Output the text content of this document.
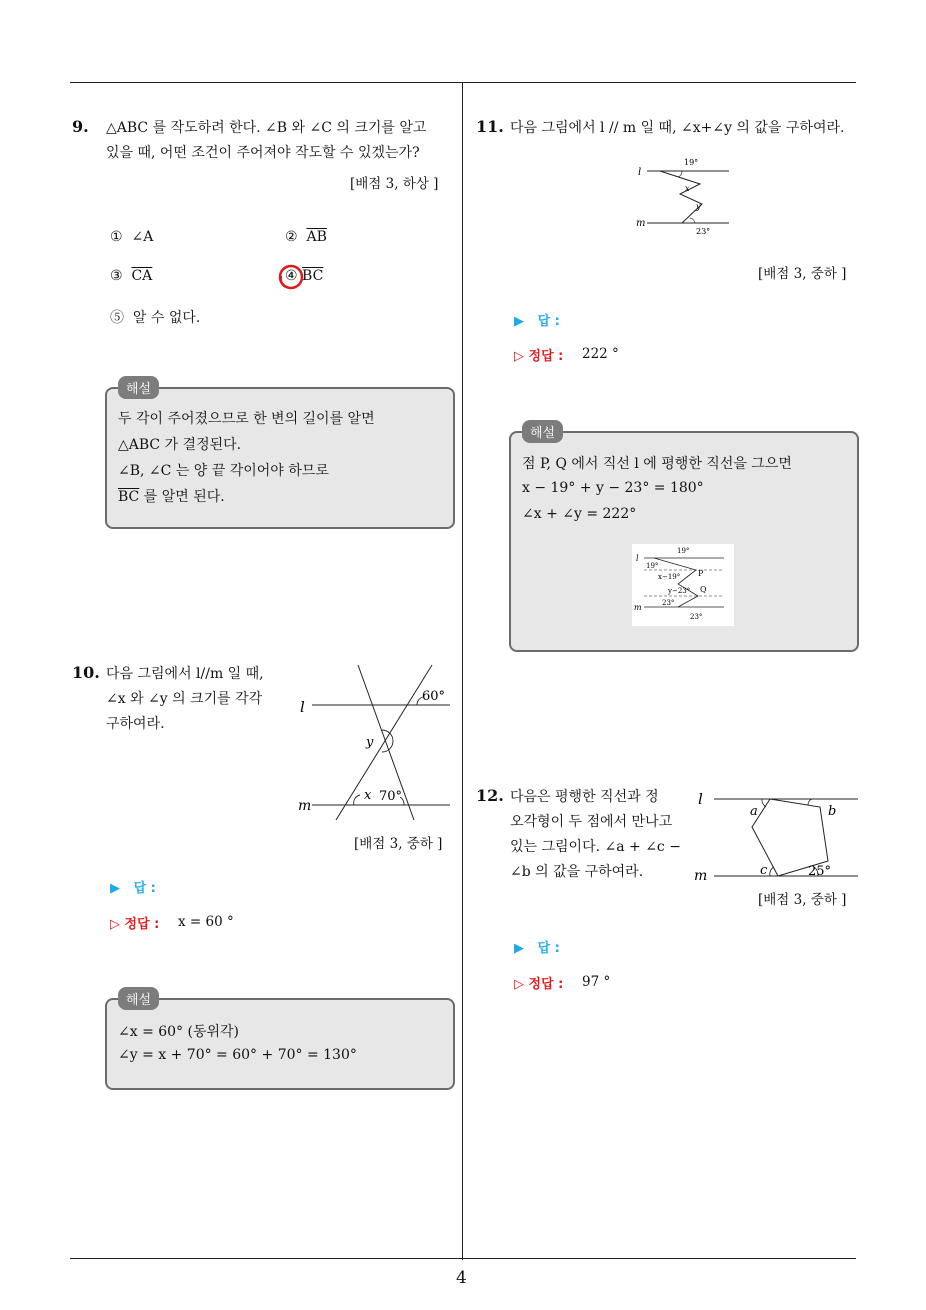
4
9. △ABC 를 작도하려 한다. ∠B 와 ∠C 의 크기를 알고
있을 때, 어떤 조건이 주어져야 작도할 수 있겠는가?
[배점 3, 하상 ]
① ∠A	② $\overline{AB}$
③ $\overline{CA}$	④ $\overline{BC}$
⑤ 알 수 없다.
해설
두 각이 주어졌으므로 한 변의 길이를 알면
△ABC 가 결정된다.
∠B, ∠C 는 양 끝 각이어야 하므로
$\overline{BC}$ 를 알면 된다.
10. 다음 그림에서 l//m 일 때,
∠x 와 ∠y 의 크기를 각각
구하여라.
l
m
60°
y
x 70°
[배점 3, 중하 ]
▶ 답 :
▷ 정답 : x = 60 °
해설
∠x = 60° (동위각)
∠y = x + 70° = 60° + 70° = 130°
11. 다음 그림에서 l // m 일 때, ∠x+∠y 의 값을 구하여라.
l
m
19°
x
y
23°
[배점 3, 중하 ]
▶ 답 :
▷ 정답 : 222 °
해설
점 P, Q 에서 직선 l 에 평행한 직선을 그으면
x − 19° + y − 23° = 180°
∠x + ∠y = 222°
l
m
19°
19°
x−19° P
y−23° Q
23°
23°
12. 다음은 평행한 직선과 정
오각형이 두 점에서 만나고
있는 그림이다. ∠a + ∠c −
∠b 의 값을 구하여라.
l
m
a	b
c	25°
[배점 3, 중하 ]
▶ 답 :
▷ 정답 : 97 °
